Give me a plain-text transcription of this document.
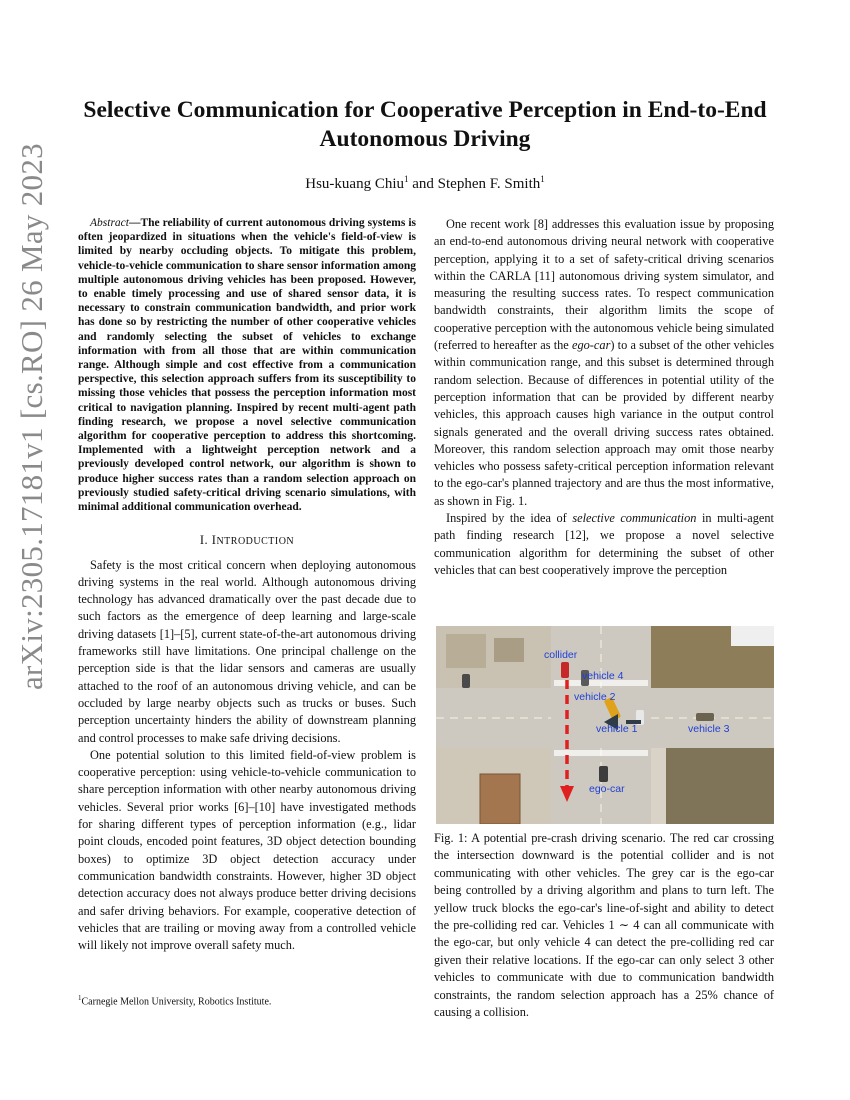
arXiv:2305.17181v1 [cs.RO] 26 May 2023
Selective Communication for Cooperative Perception in End-to-End
Autonomous Driving
Hsu-kuang Chiu$^1$ and Stephen F. Smith$^1$

Abstract—The reliability of current autonomous driving systems is often jeopardized in situations when the vehicle's field-of-view is limited by nearby occluding objects. To mitigate this problem, vehicle-to-vehicle communication to share sensor information among multiple autonomous driving vehicles has been proposed. However, to enable timely processing and use of shared sensor data, it is necessary to constrain communication bandwidth, and prior work has done so by restricting the number of other cooperative vehicles and randomly selecting the subset of vehicles to exchange information with from all those that are within communication range. Although simple and cost effective from a communication perspective, this selection approach suffers from its susceptibility to missing those vehicles that possess the perception information most critical to navigation planning. Inspired by recent multi-agent path finding research, we propose a novel selective communication algorithm for cooperative perception to address this shortcoming. Implemented with a lightweight perception network and a previously developed control network, our algorithm is shown to produce higher success rates than a random selection approach on previously studied safety-critical driving scenario simulations, with minimal additional communication overhead.

I. INTRODUCTION

Safety is the most critical concern when deploying autonomous driving systems in the real world. Although autonomous driving technology has advanced dramatically over the past decade due to such factors as the emergence of deep learning and large-scale driving datasets [1]–[5], current state-of-the-art autonomous driving frameworks still have limitations. One principal challenge on the perception side is that the lidar sensors and cameras are usually attached to the roof of an autonomous driving vehicle, and can be occluded by large nearby objects such as trucks or buses. Such perception uncertainty hinders the ability of downstream planning and control processes to make safe driving decisions.

One potential solution to this limited field-of-view problem is cooperative perception: using vehicle-to-vehicle communication to share perception information with other nearby autonomous driving vehicles. Several prior works [6]–[10] have investigated methods for sharing different types of perception information (e.g., lidar point clouds, encoded point features, 3D object detection bounding boxes) to optimize 3D object detection accuracy under communication bandwidth constraints. However, higher 3D object detection accuracy does not always produce better driving decisions and safer driving behaviors. For example, cooperative detection of vehicles that are trailing or moving away from a controlled vehicle will likely not improve overall safety much.

$^1$Carnegie Mellon University, Robotics Institute.

One recent work [8] addresses this evaluation issue by proposing an end-to-end autonomous driving neural network with cooperative perception, applying it to a set of safety-critical driving scenarios within the CARLA [11] autonomous driving system simulator, and measuring the resulting success rates. To respect communication bandwidth constraints, their algorithm limits the scope of cooperative perception with the autonomous vehicle being simulated (referred to hereafter as the ego-car) to a subset of the other vehicles within communication range, and this subset is determined through random selection. Because of differences in potential utility of the perception information that can be provided by different nearby vehicles, this approach causes high variance in the output control signals generated and the overall driving success rates obtained. Moreover, this random selection approach may omit those nearby vehicles who possess safety-critical perception information relevant to the ego-car's planned trajectory and are thus the most informative, as shown in Fig. 1.

Inspired by the idea of selective communication in multi-agent path finding research [12], we propose a novel selective communication algorithm for determining the subset of other vehicles that can best cooperatively improve the perception

collider
vehicle 4
vehicle 2
vehicle 1	vehicle 3
ego-car
Fig. 1: A potential pre-crash driving scenario. The red car crossing the intersection downward is the potential collider and is not communicating with other vehicles. The grey car is the ego-car being controlled by a driving algorithm and plans to turn left. The yellow truck blocks the ego-car's line-of-sight and ability to detect the pre-colliding red car. Vehicles 1 ∼ 4 can all communicate with the ego-car, but only vehicle 4 can detect the pre-colliding red car given their relative locations. If the ego-car can only select 3 other vehicles to communicate with due to communication bandwidth constraints, the random selection approach has a 25% chance of causing a collision.
